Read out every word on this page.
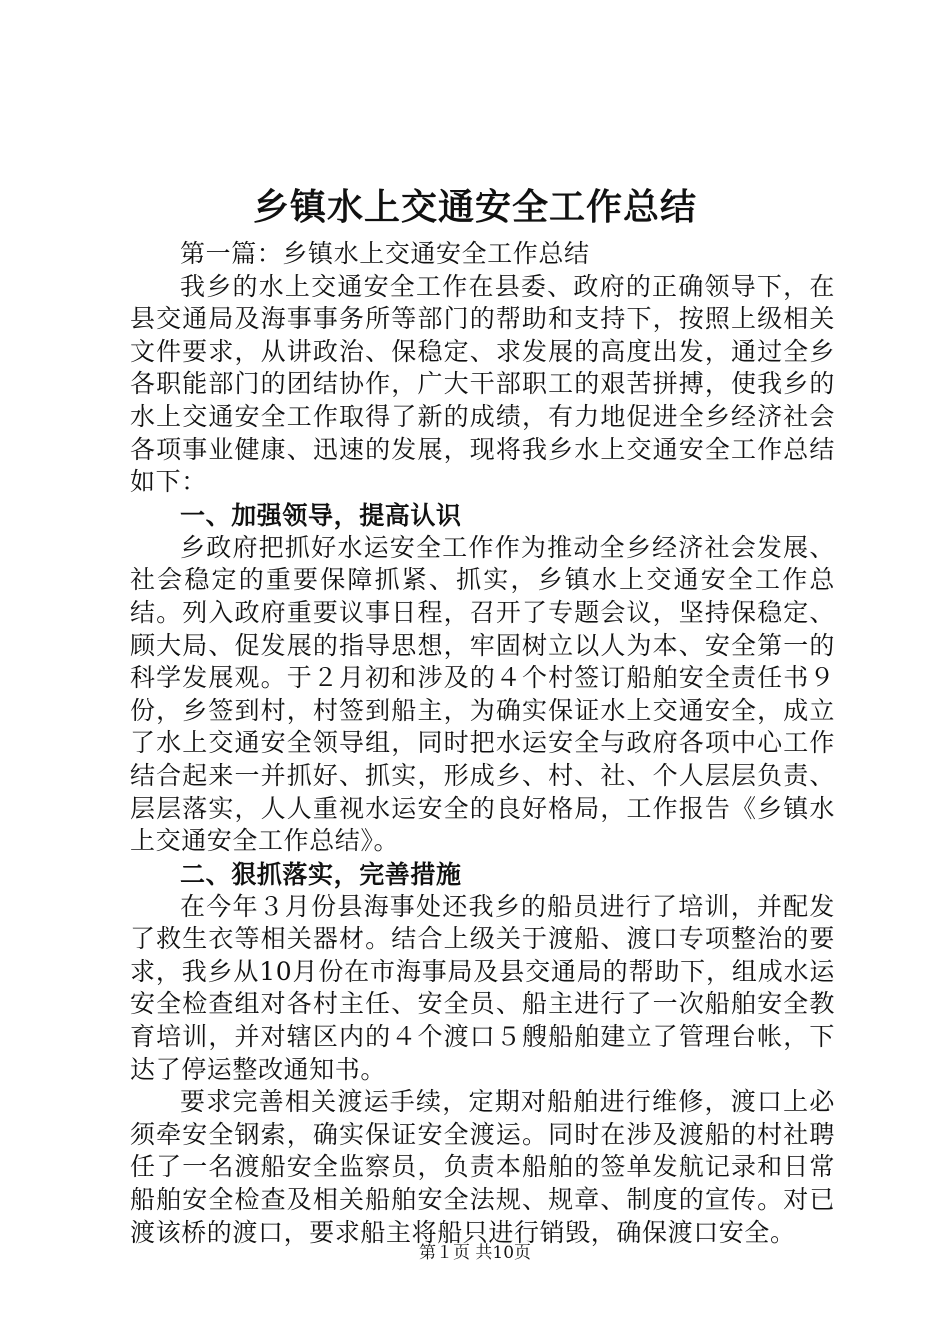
乡镇水上交通安全工作总结

第一篇：乡镇水上交通安全工作总结

我乡的水上交通安全工作在县委、政府的正确领导下，在县交通局及海事事务所等部门的帮助和支持下，按照上级相关文件要求，从讲政治、保稳定、求发展的高度出发，通过全乡各职能部门的团结协作，广大干部职工的艰苦拼搏，使我乡的水上交通安全工作取得了新的成绩，有力地促进全乡经济社会各项事业健康、迅速的发展，现将我乡水上交通安全工作总结如下：

一、加强领导，提高认识

乡政府把抓好水运安全工作作为推动全乡经济社会发展、社会稳定的重要保障抓紧、抓实，乡镇水上交通安全工作总结。列入政府重要议事日程，召开了专题会议，坚持保稳定、顾大局、促发展的指导思想，牢固树立以人为本、安全第一的科学发展观。于２月初和涉及的４个村签订船舶安全责任书９份，乡签到村，村签到船主，为确实保证水上交通安全，成立了水上交通安全领导组，同时把水运安全与政府各项中心工作结合起来一并抓好、抓实，形成乡、村、社、个人层层负责、层层落实，人人重视水运安全的良好格局，工作报告《乡镇水上交通安全工作总结》。

二、狠抓落实，完善措施

在今年３月份县海事处还我乡的船员进行了培训，并配发了救生衣等相关器材。结合上级关于渡船、渡口专项整治的要求，我乡从10月份在市海事局及县交通局的帮助下，组成水运安全检查组对各村主任、安全员、船主进行了一次船舶安全教育培训，并对辖区内的４个渡口５艘船舶建立了管理台帐，下达了停运整改通知书。

要求完善相关渡运手续，定期对船舶进行维修，渡口上必须牵安全钢索，确实保证安全渡运。同时在涉及渡船的村社聘任了一名渡船安全监察员，负责本船舶的签单发航记录和日常船舶安全检查及相关船舶安全法规、规章、制度的宣传。对已渡该桥的渡口，要求船主将船只进行销毁，确保渡口安全。

第１页 共10页
